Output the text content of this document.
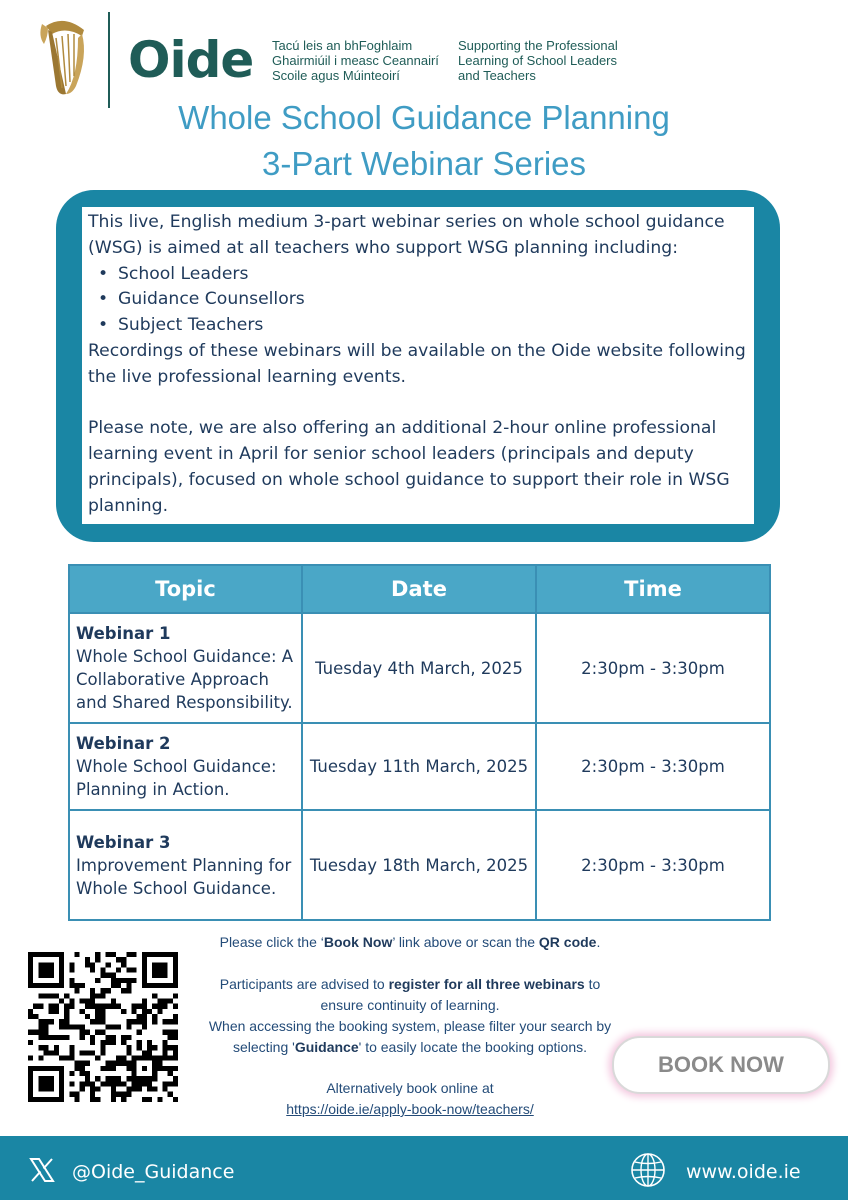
Oide Tacú leis an bhFoghlaim
Ghairmiúil i measc Ceannairí
Scoile agus Múinteoirí
Supporting the Professional
Learning of School Leaders
and Teachers
Whole School Guidance Planning
3-Part Webinar Series

This live, English medium 3-part webinar series on whole school guidance (WSG) is aimed at all teachers who support WSG planning including:

• School Leaders
• Guidance Counsellors
• Subject Teachers

Recordings of these webinars will be available on the Oide website following the live professional learning events.

Please note, we are also offering an additional 2-hour online professional learning event in April for senior school leaders (principals and deputy principals), focused on whole school guidance to support their role in WSG planning.

Topic	Date	Time

Webinar 1
Whole School Guidance: A Collaborative Approach and Shared Responsibility.	Tuesday 4th March, 2025	2:30pm - 3:30pm

Webinar 2
Whole School Guidance: Planning in Action.	Tuesday 11th March, 2025	2:30pm - 3:30pm

Webinar 3
Improvement Planning for Whole School Guidance.	Tuesday 18th March, 2025	2:30pm - 3:30pm
Please click the ‘Book Now’ link above or scan the QR code.
Participants are advised to register for all three webinars to
ensure continuity of learning.
When accessing the booking system, please filter your search by
selecting 'Guidance' to easily locate the booking options.
Alternatively book online at
https://oide.ie/apply-book-now/teachers/
BOOK NOW
@Oide_Guidance	www.oide.ie
